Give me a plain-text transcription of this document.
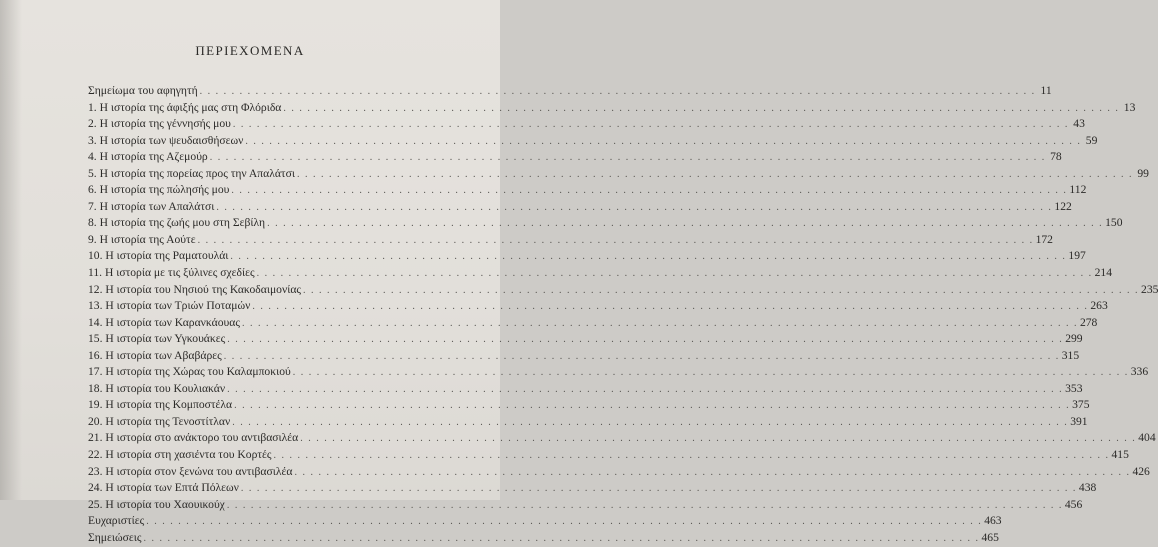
ΠΕΡΙΕΧΟΜΕΝΑ
Σημείωμα του αφηγητή . . .	11
1. Η ιστορία της άφιξής μας στη Φλόριδα . . .	13
2. Η ιστορία της γέννησής μου . . .	43
3. Η ιστορία των ψευδαισθήσεων . . .	59
4. Η ιστορία της Αζεμούρ . . .	78
5. Η ιστορία της πορείας προς την Απαλάτσι . . .	99
6. Η ιστορία της πώλησής μου . . .	112
7. Η ιστορία των Απαλάτσι . . .	122
8. Η ιστορία της ζωής μου στη Σεβίλη . . .	150
9. Η ιστορία της Αούτε . . .	172
10. Η ιστορία της Ραματουλάι . . .	197
11. Η ιστορία με τις ξύλινες σχεδίες . . .	214
12. Η ιστορία του Νησιού της Κακοδαιμονίας . . .	235
13. Η ιστορία των Τριών Ποταμών . . .	263
14. Η ιστορία των Καρανκάουας . . .	278
15. Η ιστορία των Υγκουάκες . . .	299
16. Η ιστορία των Αβαβάρες . . .	315
17. Η ιστορία της Χώρας του Καλαμποκιού . . .	336
18. Η ιστορία του Κουλιακάν . . .	353
19. Η ιστορία της Κομποστέλα . . .	375
20. Η ιστορία της Τενοστίτλαν . . .	391
21. Η ιστορία στο ανάκτορο του αντιβασιλέα . . .	404
22. Η ιστορία στη χασιέντα του Κορτές . . .	415
23. Η ιστορία στον ξενώνα του αντιβασιλέα . . .	426
24. Η ιστορία των Επτά Πόλεων . . .	438
25. Η ιστορία του Χαουικούχ . . .	456
Ευχαριστίες . . .	463
Σημειώσεις . . .	465
